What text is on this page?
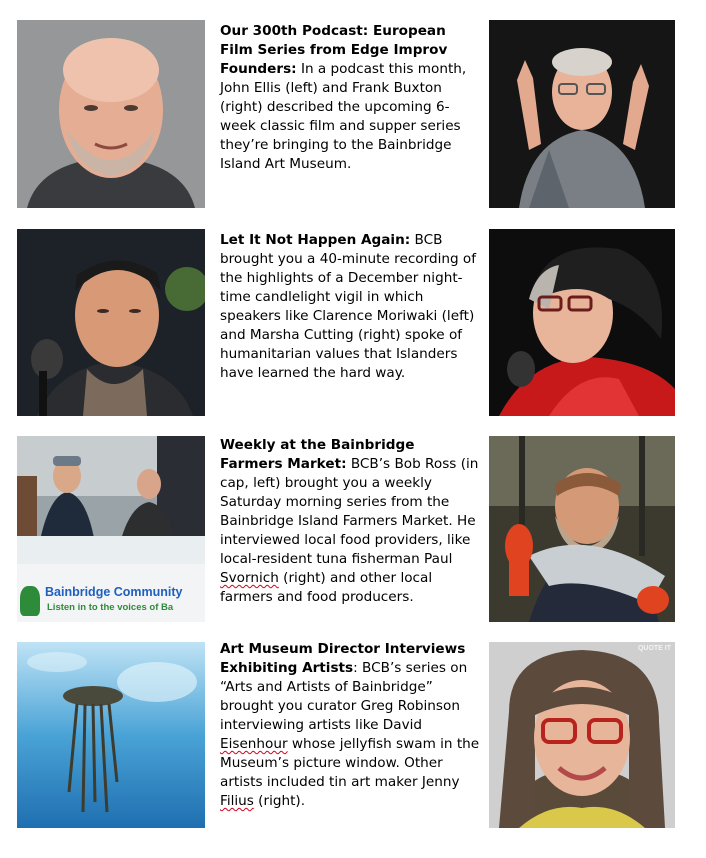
Our 300th Podcast: European Film Series from Edge Improv Founders: In a podcast this month, John Ellis (left) and Frank Buxton (right) described the upcoming 6-week classic film and supper series they’re bringing to the Bainbridge Island Art Museum.
Let It Not Happen Again: BCB brought you a 40-minute recording of the highlights of a December night-time candlelight vigil in which speakers like Clarence Moriwaki (left) and Marsha Cutting (right) spoke of humanitarian values that Islanders have learned the hard way.
Bainbridge Community
Listen in to the voices of Ba
Weekly at the Bainbridge Farmers Market: BCB’s Bob Ross (in cap, left) brought you a weekly Saturday morning series from the Bainbridge Island Farmers Market. He interviewed local food providers, like local-resident tuna fisherman Paul Svornich (right) and other local farmers and food producers.
Art Museum Director Interviews Exhibiting Artists: BCB’s series on “Arts and Artists of Bainbridge” brought you curator Greg Robinson interviewing artists like David Eisenhour whose jellyfish swam in the Museum’s picture window. Other artists included tin art maker Jenny Filius (right).
QUOTE IT
